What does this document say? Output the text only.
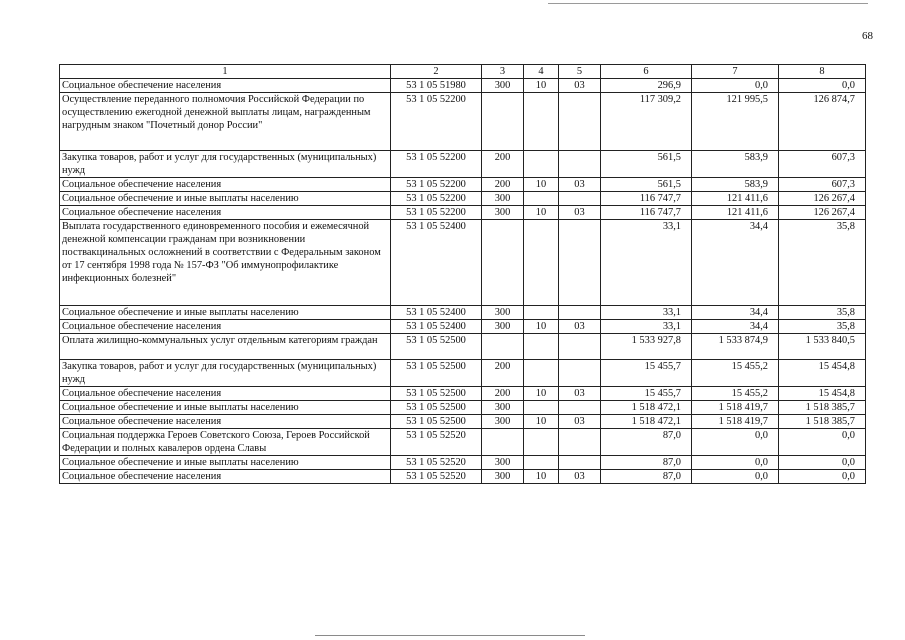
68
1	2	3	4	5	6	7	8
Социальное обеспечение населения	53 1 05 51980	300	10	03	296,9	0,0	0,0
Осуществление переданного полномочия Российской Федерации по осуществлению ежегодной денежной выплаты лицам, награжденным нагрудным знаком "Почетный донор России"	53 1 05 52200				117 309,2	121 995,5	126 874,7
Закупка товаров, работ и услуг для государственных (муниципальных) нужд	53 1 05 52200	200			561,5	583,9	607,3
Социальное обеспечение населения	53 1 05 52200	200	10	03	561,5	583,9	607,3
Социальное обеспечение и иные выплаты населению	53 1 05 52200	300			116 747,7	121 411,6	126 267,4
Социальное обеспечение населения	53 1 05 52200	300	10	03	116 747,7	121 411,6	126 267,4
Выплата государственного единовременного пособия и ежемесячной денежной компенсации гражданам при возникновении поствакцинальных осложнений в соответствии с Федеральным законом от 17 сентября 1998 года № 157-ФЗ "Об иммунопрофилактике инфекционных болезней"	53 1 05 52400				33,1	34,4	35,8
Социальное обеспечение и иные выплаты населению	53 1 05 52400	300			33,1	34,4	35,8
Социальное обеспечение населения	53 1 05 52400	300	10	03	33,1	34,4	35,8
Оплата жилищно-коммунальных услуг отдельным категориям граждан	53 1 05 52500				1 533 927,8	1 533 874,9	1 533 840,5
Закупка товаров, работ и услуг для государственных (муниципальных) нужд	53 1 05 52500	200			15 455,7	15 455,2	15 454,8
Социальное обеспечение населения	53 1 05 52500	200	10	03	15 455,7	15 455,2	15 454,8
Социальное обеспечение и иные выплаты населению	53 1 05 52500	300			1 518 472,1	1 518 419,7	1 518 385,7
Социальное обеспечение населения	53 1 05 52500	300	10	03	1 518 472,1	1 518 419,7	1 518 385,7
Социальная поддержка Героев Советского Союза, Героев Российской Федерации и полных кавалеров ордена Славы	53 1 05 52520				87,0	0,0	0,0
Социальное обеспечение и иные выплаты населению	53 1 05 52520	300			87,0	0,0	0,0
Социальное обеспечение населения	53 1 05 52520	300	10	03	87,0	0,0	0,0
